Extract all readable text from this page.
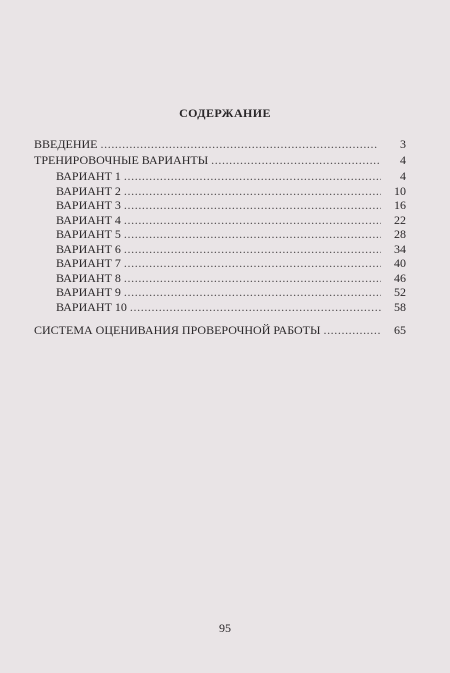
СОДЕРЖАНИЕ
ВВЕДЕНИЕ . . .	3
ТРЕНИРОВОЧНЫЕ ВАРИАНТЫ . . .	4
ВАРИАНТ 1 . . .	4
ВАРИАНТ 2 . . .	10
ВАРИАНТ 3 . . .	16
ВАРИАНТ 4 . . .	22
ВАРИАНТ 5 . . .	28
ВАРИАНТ 6 . . .	34
ВАРИАНТ 7 . . .	40
ВАРИАНТ 8 . . .	46
ВАРИАНТ 9 . . .	52
ВАРИАНТ 10 . . .	58
СИСТЕМА ОЦЕНИВАНИЯ ПРОВЕРОЧНОЙ РАБОТЫ . . .	65
95
